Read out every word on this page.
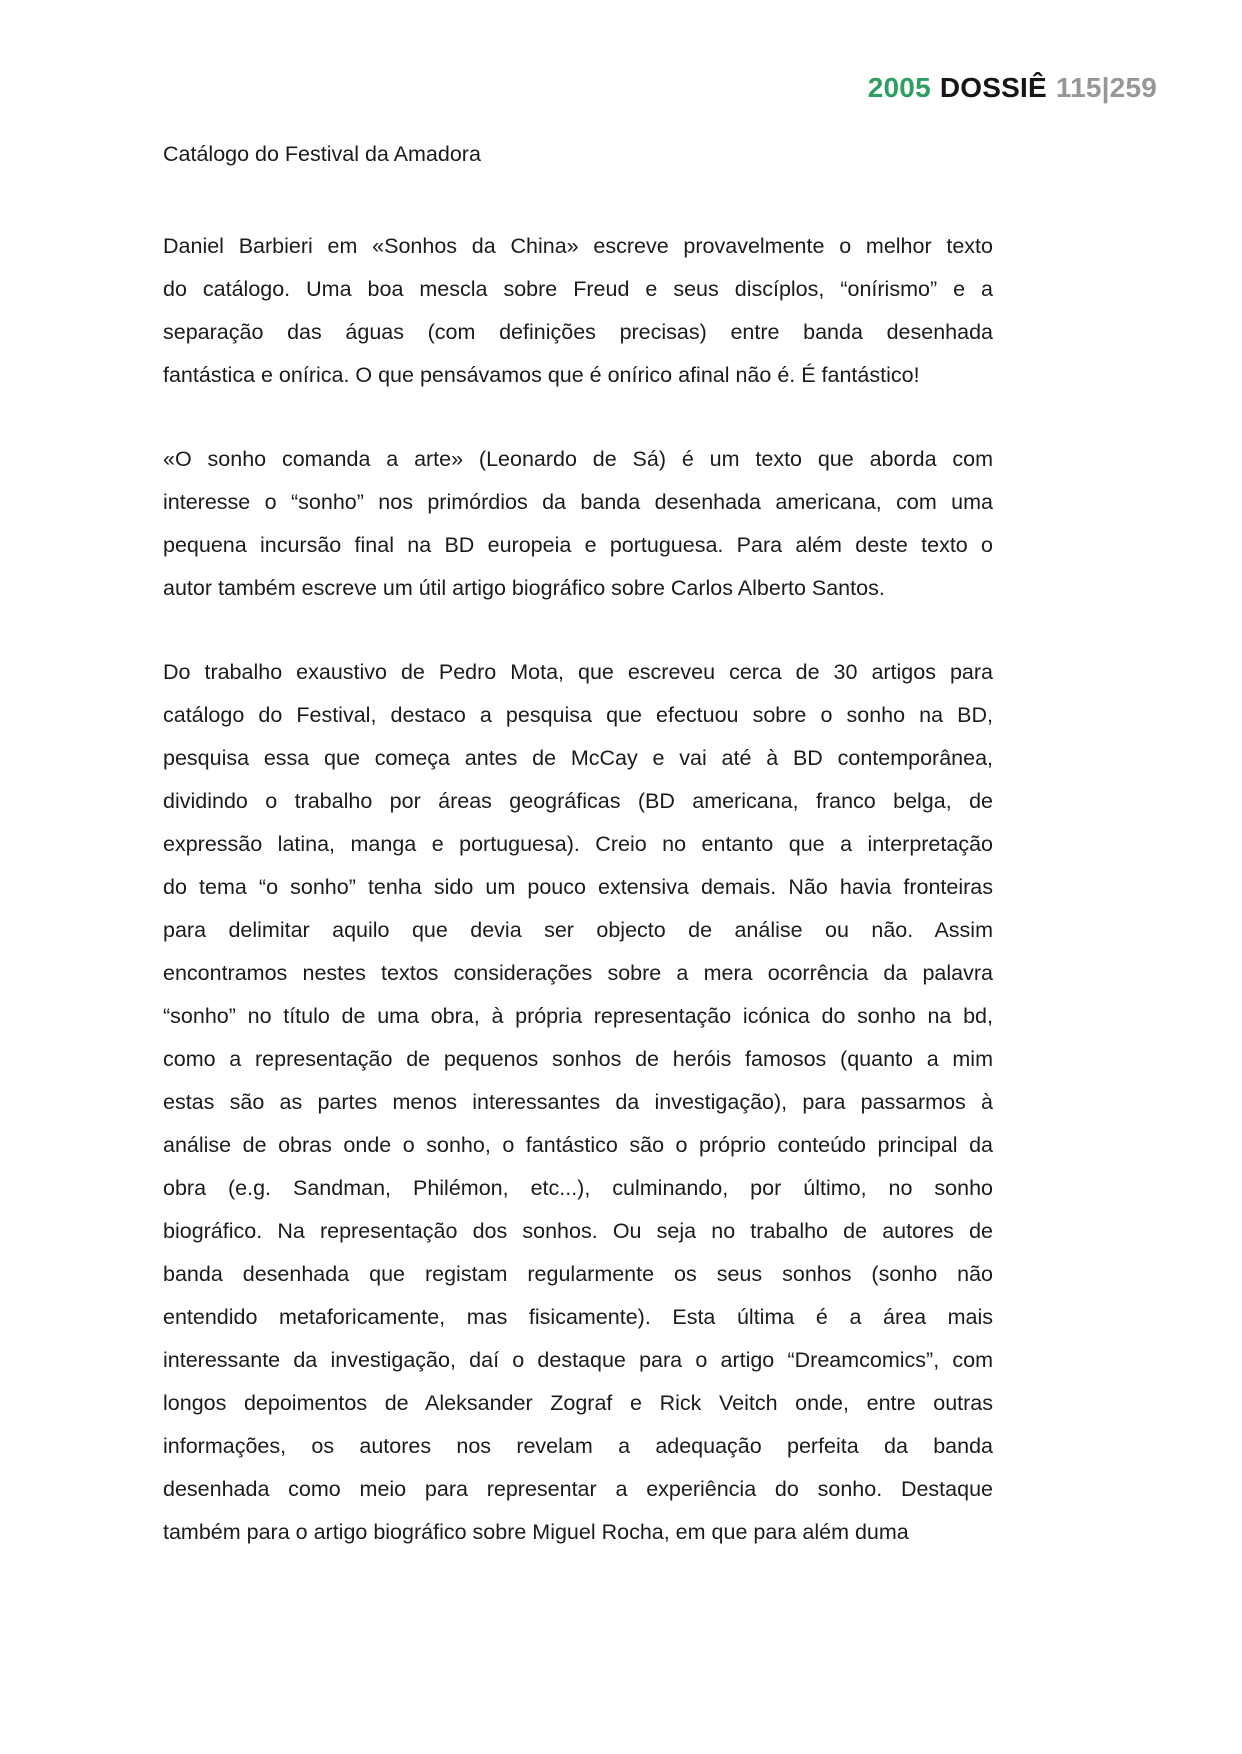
2005 DOSSIÊ 115|259
Catálogo do Festival da Amadora
Daniel Barbieri em «Sonhos da China» escreve provavelmente o melhor texto
do catálogo. Uma boa mescla sobre Freud e seus discíplos, “onírismo” e a
separação das águas (com definições precisas) entre banda desenhada
fantástica e onírica. O que pensávamos que é onírico afinal não é. É fantástico!
«O sonho comanda a arte» (Leonardo de Sá) é um texto que aborda com
interesse o “sonho” nos primórdios da banda desenhada americana, com uma
pequena incursão final na BD europeia e portuguesa. Para além deste texto o
autor também escreve um útil artigo biográfico sobre Carlos Alberto Santos.
Do trabalho exaustivo de Pedro Mota, que escreveu cerca de 30 artigos para
catálogo do Festival, destaco a pesquisa que efectuou sobre o sonho na BD,
pesquisa essa que começa antes de McCay e vai até à BD contemporânea,
dividindo o trabalho por áreas geográficas (BD americana, franco belga, de
expressão latina, manga e portuguesa). Creio no entanto que a interpretação
do tema “o sonho” tenha sido um pouco extensiva demais. Não havia fronteiras
para delimitar aquilo que devia ser objecto de análise ou não. Assim
encontramos nestes textos considerações sobre a mera ocorrência da palavra
“sonho” no título de uma obra, à própria representação icónica do sonho na bd,
como a representação de pequenos sonhos de heróis famosos (quanto a mim
estas são as partes menos interessantes da investigação), para passarmos à
análise de obras onde o sonho, o fantástico são o próprio conteúdo principal da
obra (e.g. Sandman, Philémon, etc...), culminando, por último, no sonho
biográfico. Na representação dos sonhos. Ou seja no trabalho de autores de
banda desenhada que registam regularmente os seus sonhos (sonho não
entendido metaforicamente, mas fisicamente). Esta última é a área mais
interessante da investigação, daí o destaque para o artigo “Dreamcomics”, com
longos depoimentos de Aleksander Zograf e Rick Veitch onde, entre outras
informações, os autores nos revelam a adequação perfeita da banda
desenhada como meio para representar a experiência do sonho. Destaque
também para o artigo biográfico sobre Miguel Rocha, em que para além duma
